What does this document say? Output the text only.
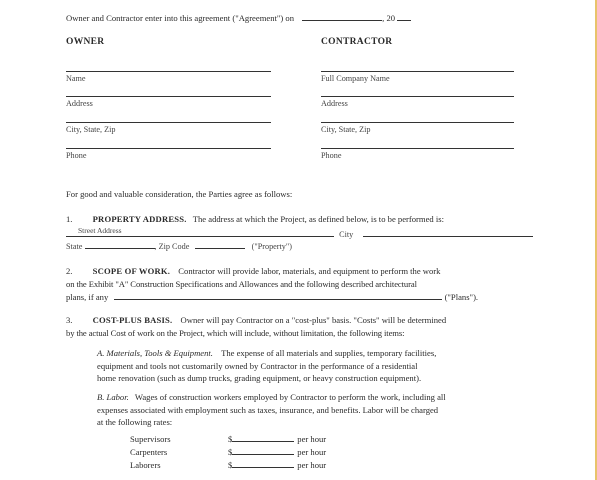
Owner and Contractor enter into this agreement ("Agreement") on	, 20
OWNER
Name
Address
City, State, Zip
Phone
CONTRACTOR
Full Company Name
Address
City, State, Zip
Phone
For good and valuable consideration, the Parties agree as follows:
1. PROPERTY ADDRESS. The address at which the Project, as defined below, is to be performed is:
City
Street Address
State	, Zip Code	("Property")
2. SCOPE OF WORK. Contractor will provide labor, materials, and equipment to perform the work
on the Exhibit "A" Construction Specifications and Allowances and the following described architectural
plans, if any	("Plans").
3. COST-PLUS BASIS. Owner will pay Contractor on a "cost-plus" basis. "Costs" will be determined
by the actual Cost of work on the Project, which will include, without limitation, the following items:
A. Materials, Tools & Equipment. The expense of all materials and supplies, temporary facilities,
equipment and tools not customarily owned by Contractor in the performance of a residential
home renovation (such as dump trucks, grading equipment, or heavy construction equipment).
B. Labor. Wages of construction workers employed by Contractor to perform the work, including all
expenses associated with employment such as taxes, insurance, and benefits. Labor will be charged
at the following rates:
Supervisors	$	per hour
Carpenters	$	per hour
Laborers	$	per hour
